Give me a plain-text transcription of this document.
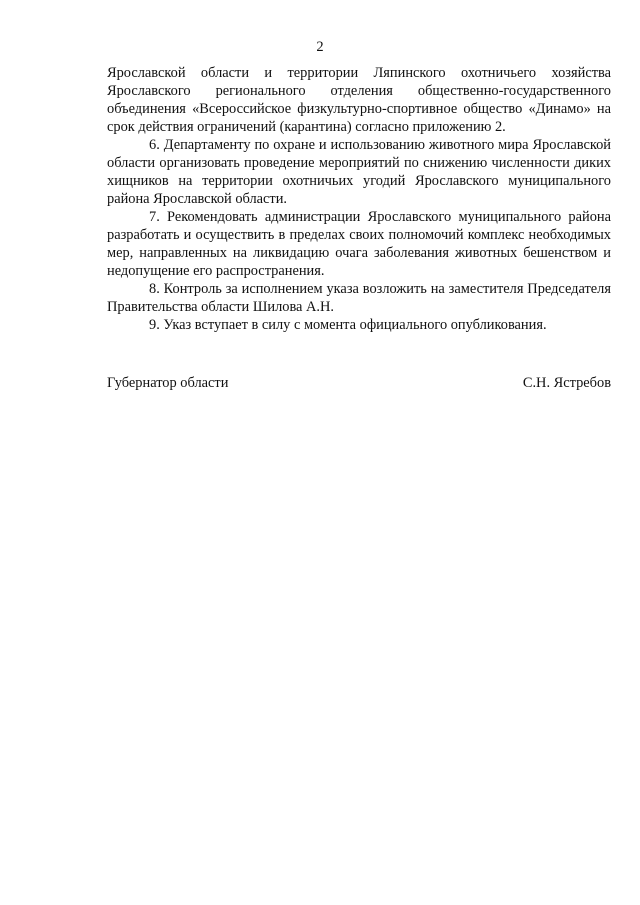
2

Ярославской области и территории Ляпинского охотничьего хозяйства Ярославского регионального отделения общественно-государственного объединения «Всероссийское физкультурно-спортивное общество «Динамо» на срок действия ограничений (карантина) согласно приложению 2.

6. Департаменту по охране и использованию животного мира Ярославской области организовать проведение мероприятий по снижению численности диких хищников на территории охотничьих угодий Ярославского муниципального района Ярославской области.

7. Рекомендовать администрации Ярославского муниципального района разработать и осуществить в пределах своих полномочий комплекс необходимых мер, направленных на ликвидацию очага заболевания животных бешенством и недопущение его распространения.

8. Контроль за исполнением указа возложить на заместителя Председателя Правительства области Шилова А.Н.

9. Указ вступает в силу с момента официального опубликования.

Губернатор области	С.Н. Ястребов
